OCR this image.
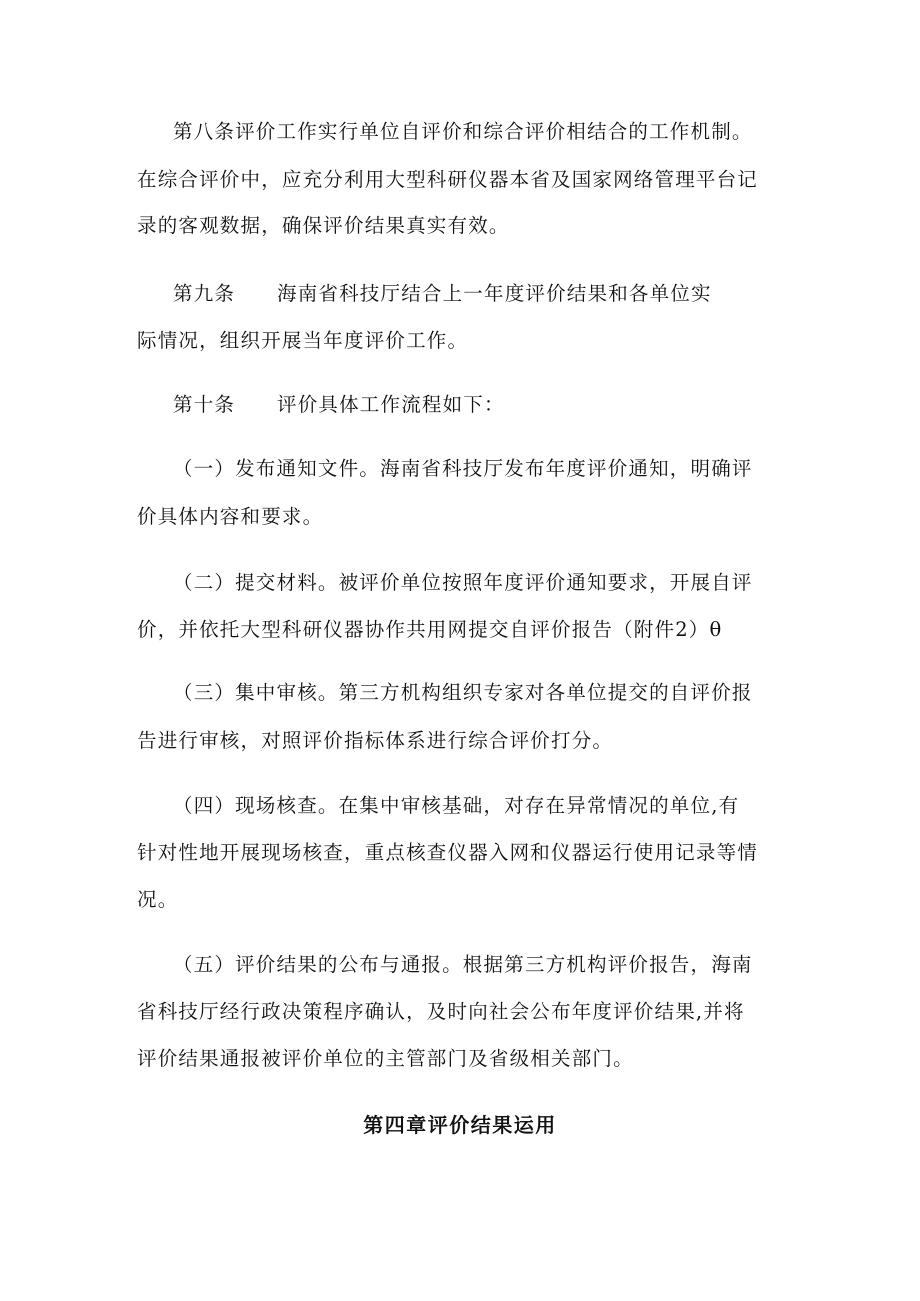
第八条评价工作实行单位自评价和综合评价相结合的工作机制。
在综合评价中，应充分利用大型科研仪器本省及国家网络管理平台记
录的客观数据，确保评价结果真实有效。
第九条 海南省科技厅结合上一年度评价结果和各单位实
际情况，组织开展当年度评价工作。
第十条 评价具体工作流程如下：
（一）发布通知文件。海南省科技厅发布年度评价通知，明确评
价具体内容和要求。
（二）提交材料。被评价单位按照年度评价通知要求，开展自评
价，并依托大型科研仪器协作共用网提交自评价报告（附件2）θ
（三）集中审核。第三方机构组织专家对各单位提交的自评价报
告进行审核，对照评价指标体系进行综合评价打分。
（四）现场核查。在集中审核基础，对存在异常情况的单位,有
针对性地开展现场核查，重点核查仪器入网和仪器运行使用记录等情
况。
（五）评价结果的公布与通报。根据第三方机构评价报告，海南
省科技厅经行政决策程序确认，及时向社会公布年度评价结果,并将
评价结果通报被评价单位的主管部门及省级相关部门。
第四章评价结果运用
